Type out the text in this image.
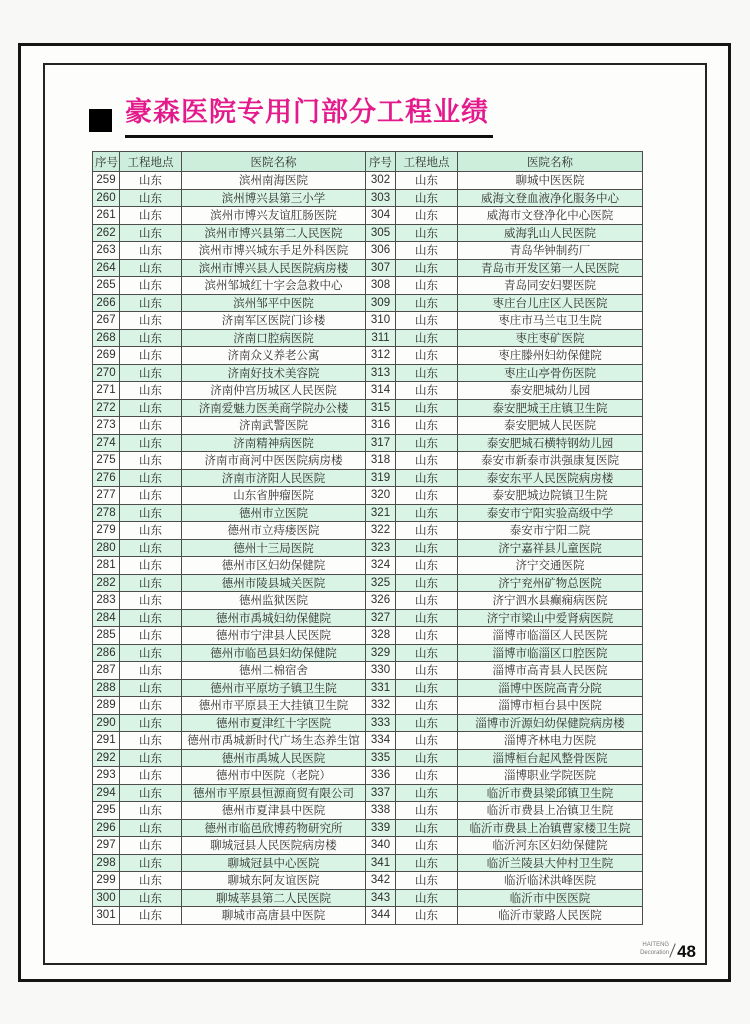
豪森医院专用门部分工程业绩
序号	工程地点	医院名称	序号	工程地点	医院名称
259	山东	滨州南海医院	302	山东	聊城中医医院
260	山东	滨州博兴县第三小学	303	山东	威海文登血液净化服务中心
261	山东	滨州市博兴友谊肛肠医院	304	山东	威海市文登净化中心医院
262	山东	滨州市博兴县第二人民医院	305	山东	威海乳山人民医院
263	山东	滨州市博兴城东手足外科医院	306	山东	青岛华钟制药厂
264	山东	滨州市博兴县人民医院病房楼	307	山东	青岛市开发区第一人民医院
265	山东	滨州邹城红十字会急救中心	308	山东	青岛同安妇婴医院
266	山东	滨州邹平中医院	309	山东	枣庄台儿庄区人民医院
267	山东	济南军区医院门诊楼	310	山东	枣庄市马兰屯卫生院
268	山东	济南口腔病医院	311	山东	枣庄枣矿医院
269	山东	济南众义养老公寓	312	山东	枣庄滕州妇幼保健院
270	山东	济南好技术美容院	313	山东	枣庄山亭骨伤医院
271	山东	济南仲宫历城区人民医院	314	山东	泰安肥城幼儿园
272	山东	济南爱魅力医美商学院办公楼	315	山东	泰安肥城王庄镇卫生院
273	山东	济南武警医院	316	山东	泰安肥城人民医院
274	山东	济南精神病医院	317	山东	泰安肥城石横特钢幼儿园
275	山东	济南市商河中医医院病房楼	318	山东	泰安市新泰市洪强康复医院
276	山东	济南市济阳人民医院	319	山东	泰安东平人民医院病房楼
277	山东	山东省肿瘤医院	320	山东	泰安肥城边院镇卫生院
278	山东	德州市立医院	321	山东	泰安市宁阳实验高级中学
279	山东	德州市立痔瘘医院	322	山东	泰安市宁阳二院
280	山东	德州十三局医院	323	山东	济宁嘉祥县儿童医院
281	山东	德州市区妇幼保健院	324	山东	济宁交通医院
282	山东	德州市陵县城关医院	325	山东	济宁兖州矿物总医院
283	山东	德州监狱医院	326	山东	济宁泗水县癫痫病医院
284	山东	德州市禹城妇幼保健院	327	山东	济宁市梁山中爱肾病医院
285	山东	德州市宁津县人民医院	328	山东	淄博市临淄区人民医院
286	山东	德州市临邑县妇幼保健院	329	山东	淄博市临淄区口腔医院
287	山东	德州二棉宿舍	330	山东	淄博市高青县人民医院
288	山东	德州市平原坊子镇卫生院	331	山东	淄博中医院高青分院
289	山东	德州市平原县王大挂镇卫生院	332	山东	淄博市桓台县中医院
290	山东	德州市夏津红十字医院	333	山东	淄博市沂源妇幼保健院病房楼
291	山东	德州市禹城新时代广场生态养生馆	334	山东	淄博齐林电力医院
292	山东	德州市禹城人民医院	335	山东	淄博桓台起风整骨医院
293	山东	德州市中医院（老院）	336	山东	淄博职业学院医院
294	山东	德州市平原县恒源商贸有限公司	337	山东	临沂市费县梁邱镇卫生院
295	山东	德州市夏津县中医院	338	山东	临沂市费县上冶镇卫生院
296	山东	德州市临邑欣博药物研究所	339	山东	临沂市费县上冶镇曹家楼卫生院
297	山东	聊城冠县人民医院病房楼	340	山东	临沂河东区妇幼保健院
298	山东	聊城冠县中心医院	341	山东	临沂兰陵县大仲村卫生院
299	山东	聊城东阿友谊医院	342	山东	临沂临沭洪峰医院
300	山东	聊城莘县第二人民医院	343	山东	临沂市中医医院
301	山东	聊城市高唐县中医院	344	山东	临沂市蒙路人民医院
HAITENG
Decoration 48
